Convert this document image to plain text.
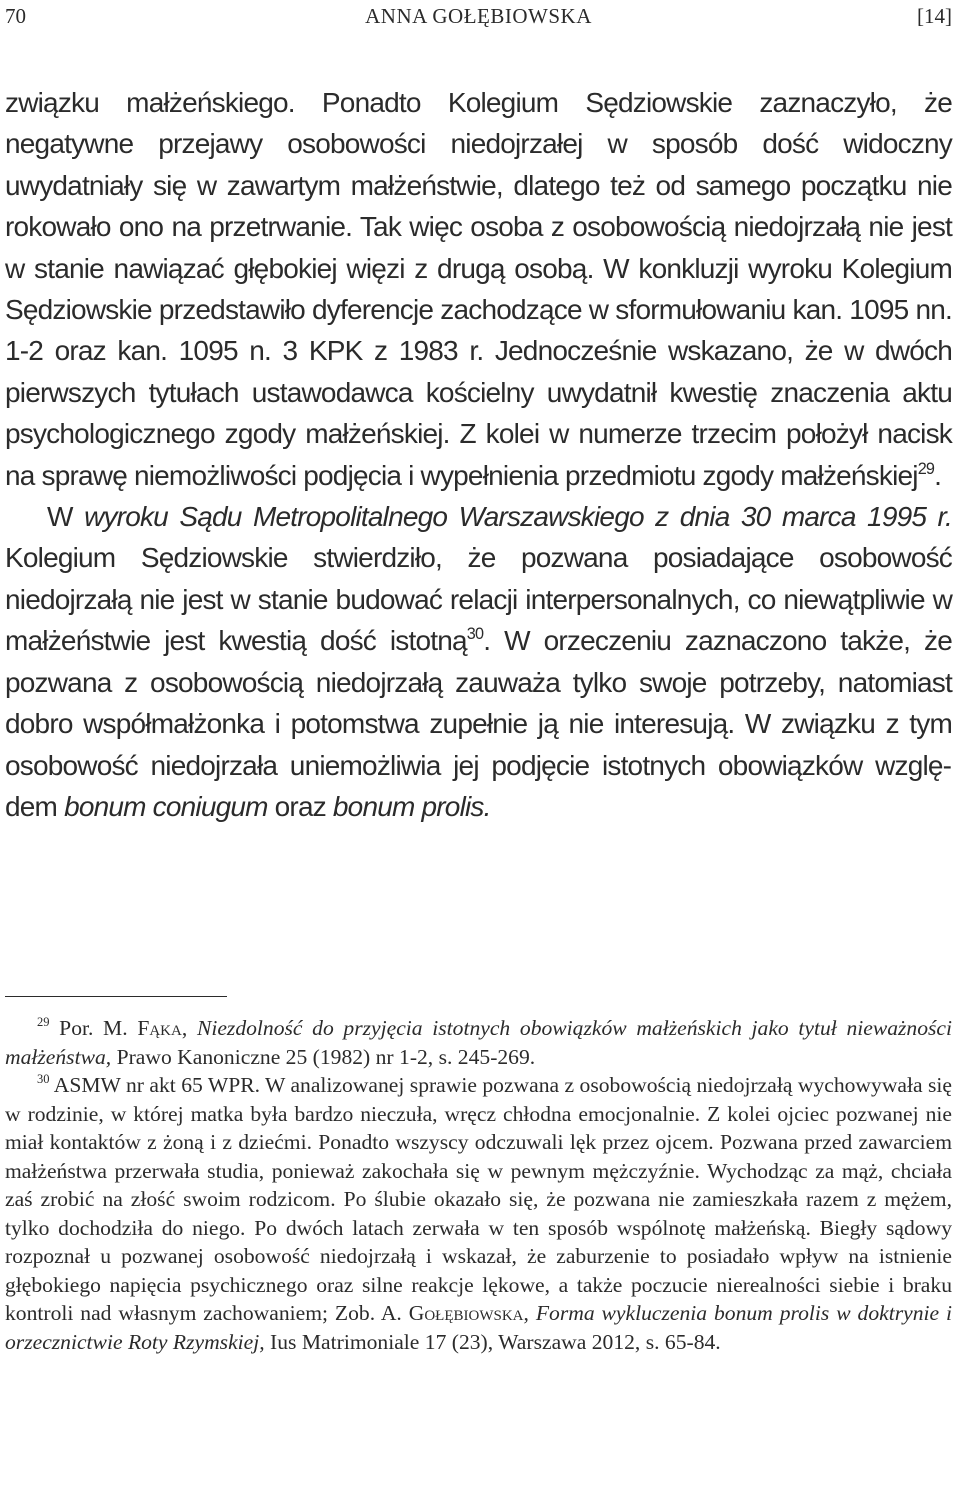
70	ANNA GOŁĘBIOWSKA	[14]

związku małżeńskiego. Ponadto Kolegium Sędziowskie zaznaczyło, że negatywne przejawy osobowości niedojrzałej w sposób dość widoczny uwydatniały się w zawartym małżeństwie, dlatego też od samego początku nie rokowało ono na przetrwanie. Tak więc osoba z osobowością niedojrzałą nie jest w stanie nawiązać głębokiej więzi z drugą osobą. W konkluzji wyroku Kolegium Sędziowskie przedstawiło dyferencje zachodzące w sformułowaniu kan. 1095 nn. 1-2 oraz kan. 1095 n. 3 KPK z 1983 r. Jednocześnie wskazano, że w dwóch pierwszych tytułach ustawodawca kościelny uwydatnił kwestię znaczenia aktu psychologicznego zgody małżeńskiej. Z kolei w numerze trzecim położył nacisk na sprawę niemożliwości podjęcia i wypełnienia przedmiotu zgody małżeńskiej$^{29}$.

W wyroku Sądu Metropolitalnego Warszawskiego z dnia 30 marca 1995 r. Kolegium Sędziowskie stwierdziło, że pozwana posiadające osobowość niedojrzałą nie jest w stanie budować relacji interpersonalnych, co niewątpliwie w małżeństwie jest kwestią dość istotną$^{30}$. W orzeczeniu zaznaczono także, że pozwana z osobowością niedojrzałą zauważa tylko swoje potrzeby, natomiast dobro współmałżonka i potomstwa zupełnie ją nie interesują. W związku z tym osobowość niedojrzała uniemożliwia jej podjęcie istotnych obowiązków względem bonum coniugum oraz bonum prolis.

$^{29}$ Por. M. Fąka, Niezdolność do przyjęcia istotnych obowiązków małżeńskich jako tytuł nieważności małżeństwa, Prawo Kanoniczne 25 (1982) nr 1-2, s. 245-269.

$^{30}$ ASMW nr akt 65 WPR. W analizowanej sprawie pozwana z osobowością niedojrzałą wychowywała się w rodzinie, w której matka była bardzo nieczuła, wręcz chłodna emocjonalnie. Z kolei ojciec pozwanej nie miał kontaktów z żoną i z dziećmi. Ponadto wszyscy odczuwali lęk przez ojcem. Pozwana przed zawarciem małżeństwa przerwała studia, ponieważ zakochała się w pewnym mężczyźnie. Wychodząc za mąż, chciała zaś zrobić na złość swoim rodzicom. Po ślubie okazało się, że pozwana nie zamieszkała razem z mężem, tylko dochodziła do niego. Po dwóch latach zerwała w ten sposób wspólnotę małżeńską. Biegły sądowy rozpoznał u pozwanej osobowość niedojrzałą i wskazał, że zaburzenie to posiadało wpływ na istnienie głębokiego napięcia psychicznego oraz silne reakcje lękowe, a także poczucie nierealności siebie i braku kontroli nad własnym zachowaniem; Zob. A. Gołębiowska, Forma wykluczenia bonum prolis w doktrynie i orzecznictwie Roty Rzymskiej, Ius Matrimoniale 17 (23), Warszawa 2012, s. 65-84.
